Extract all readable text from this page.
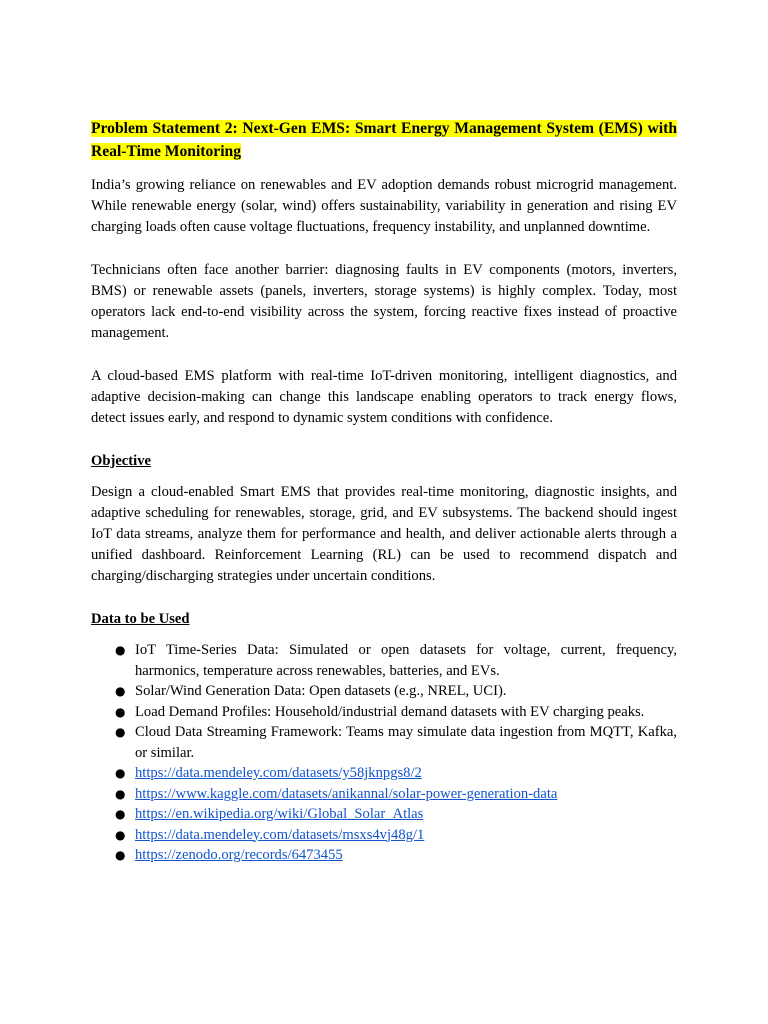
Problem Statement 2: Next-Gen EMS: Smart Energy Management System (EMS) with Real-Time Monitoring

India’s growing reliance on renewables and EV adoption demands robust microgrid management. While renewable energy (solar, wind) offers sustainability, variability in generation and rising EV charging loads often cause voltage fluctuations, frequency instability, and unplanned downtime.

Technicians often face another barrier: diagnosing faults in EV components (motors, inverters, BMS) or renewable assets (panels, inverters, storage systems) is highly complex. Today, most operators lack end-to-end visibility across the system, forcing reactive fixes instead of proactive management.

A cloud-based EMS platform with real-time IoT-driven monitoring, intelligent diagnostics, and adaptive decision-making can change this landscape enabling operators to track energy flows, detect issues early, and respond to dynamic system conditions with confidence.

Objective

Design a cloud-enabled Smart EMS that provides real-time monitoring, diagnostic insights, and adaptive scheduling for renewables, storage, grid, and EV subsystems. The backend should ingest IoT data streams, analyze them for performance and health, and deliver actionable alerts through a unified dashboard. Reinforcement Learning (RL) can be used to recommend dispatch and charging/discharging strategies under uncertain conditions.

Data to be Used
● IoT Time-Series Data: Simulated or open datasets for voltage, current, frequency, harmonics, temperature across renewables, batteries, and EVs.
● Solar/Wind Generation Data: Open datasets (e.g., NREL, UCI).
● Load Demand Profiles: Household/industrial demand datasets with EV charging peaks.
● Cloud Data Streaming Framework: Teams may simulate data ingestion from MQTT, Kafka, or similar.
● https://data.mendeley.com/datasets/y58jknpgs8/2
● https://www.kaggle.com/datasets/anikannal/solar-power-generation-data
● https://en.wikipedia.org/wiki/Global_Solar_Atlas
● https://data.mendeley.com/datasets/msxs4vj48g/1
● https://zenodo.org/records/6473455
